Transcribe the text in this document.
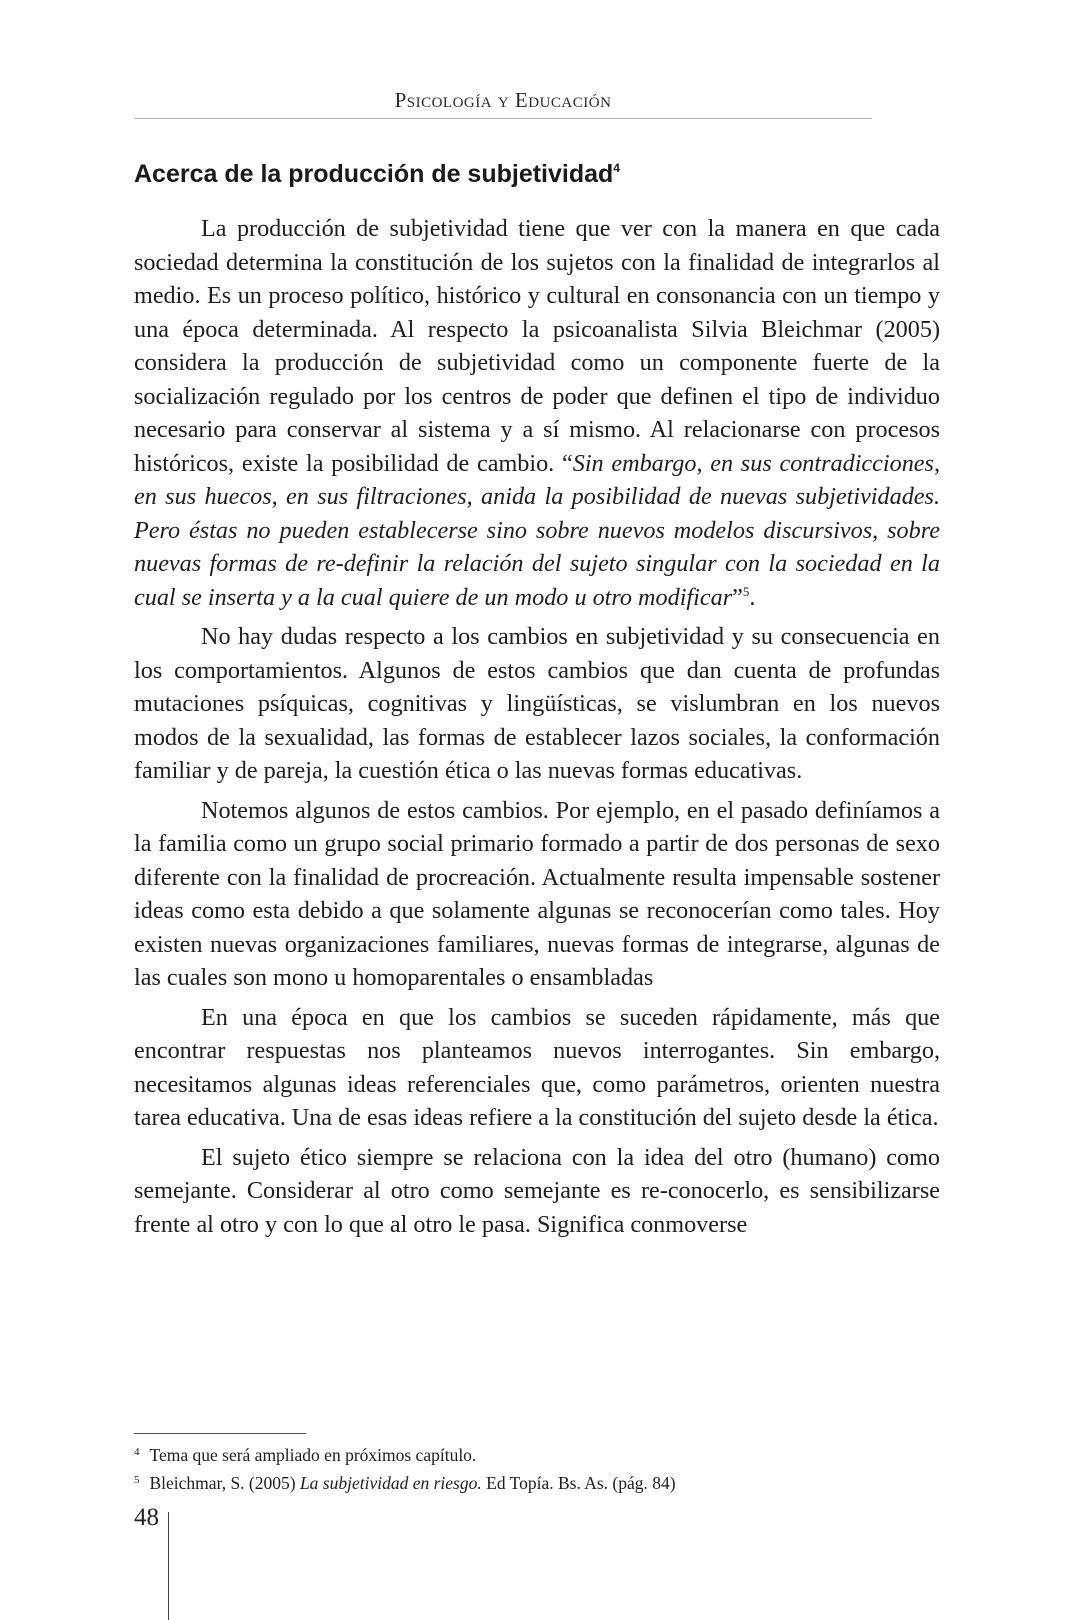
Psicología y Educación
Acerca de la producción de subjetividad$^4$

La producción de subjetividad tiene que ver con la manera en que cada sociedad determina la constitución de los sujetos con la finalidad de integrarlos al medio. Es un proceso político, histórico y cultural en consonancia con un tiempo y una época determinada. Al respecto la psicoanalista Silvia Bleichmar (2005) considera la producción de subjetividad como un componente fuerte de la socialización regulado por los centros de poder que definen el tipo de individuo necesario para conservar al sistema y a sí mismo. Al relacionarse con procesos históricos, existe la posibilidad de cambio. “Sin embargo, en sus contradicciones, en sus huecos, en sus filtraciones, anida la posibilidad de nuevas subjetividades. Pero éstas no pueden establecerse sino sobre nuevos modelos discursivos, sobre nuevas formas de re-definir la relación del sujeto singular con la sociedad en la cual se inserta y a la cual quiere de un modo u otro modificar”$^5$.

No hay dudas respecto a los cambios en subjetividad y su consecuencia en los comportamientos. Algunos de estos cambios que dan cuenta de profundas mutaciones psíquicas, cognitivas y lingüísticas, se vislumbran en los nuevos modos de la sexualidad, las formas de establecer lazos sociales, la conformación familiar y de pareja, la cuestión ética o las nuevas formas educativas.

Notemos algunos de estos cambios. Por ejemplo, en el pasado definíamos a la familia como un grupo social primario formado a partir de dos personas de sexo diferente con la finalidad de procreación. Actualmente resulta impensable sostener ideas como esta debido a que solamente algunas se reconocerían como tales. Hoy existen nuevas organizaciones familiares, nuevas formas de integrarse, algunas de las cuales son mono u homoparentales o ensambladas

En una época en que los cambios se suceden rápidamente, más que encontrar respuestas nos planteamos nuevos interrogantes. Sin embargo, necesitamos algunas ideas referenciales que, como parámetros, orienten nuestra tarea educativa. Una de esas ideas refiere a la constitución del sujeto desde la ética.

El sujeto ético siempre se relaciona con la idea del otro (humano) como semejante. Considerar al otro como semejante es re-conocerlo, es sensibilizarse frente al otro y con lo que al otro le pasa. Significa conmoverse

$^4$ Tema que será ampliado en próximos capítulo.

$^5$ Bleichmar, S. (2005) La subjetividad en riesgo. Ed Topía. Bs. As. (pág. 84)

48
